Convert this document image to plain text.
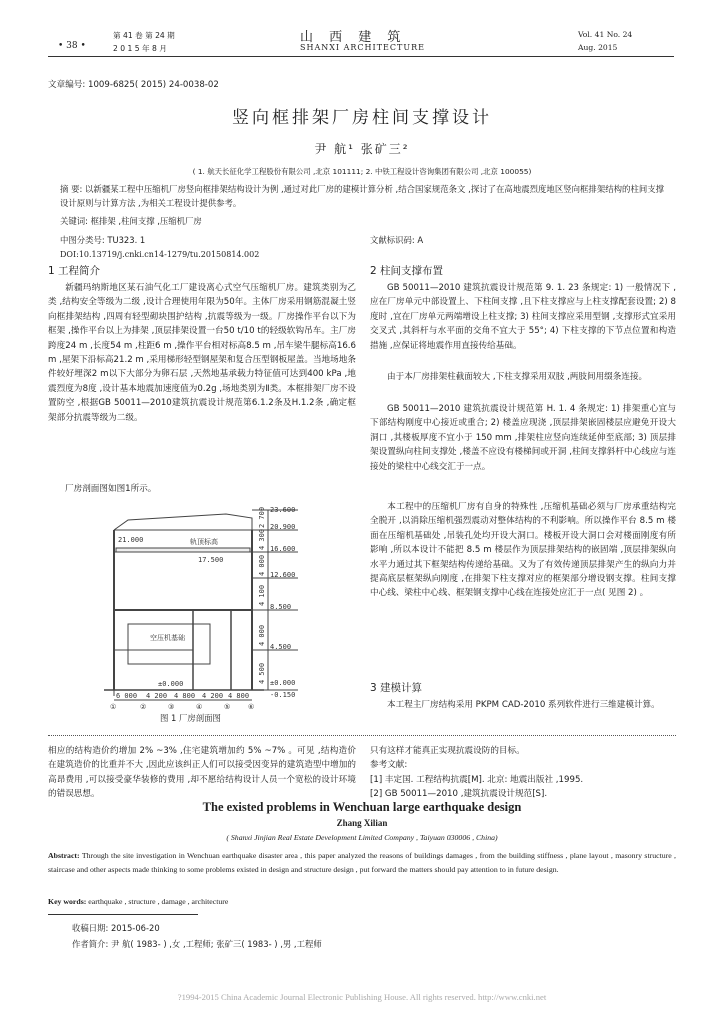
• 38 •
第 41 卷 第 24 期
2 0 1 5 年 8 月
山 西 建 筑
SHANXI ARCHITECTURE
Vol. 41 No. 24
Aug. 2015
文章编号: 1009-6825( 2015) 24-0038-02
竖向框排架厂房柱间支撑设计
尹 航¹ 张矿三²
( 1. 航天长征化学工程股份有限公司 ,北京 101111; 2. 中铁工程设计咨询集团有限公司 ,北京 100055)
摘 要: 以新疆某工程中压缩机厂房竖向框排架结构设计为例 ,通过对此厂房的建模计算分析 ,结合国家规范条文 ,探讨了在高地震烈度地区竖向框排架结构的柱间支撑设计原则与计算方法 ,为相关工程设计提供参考。
关键词: 框排架 ,柱间支撑 ,压缩机厂房
中图分类号: TU323. 1	文献标识码: A
DOI:10.13719/j.cnki.cn14-1279/tu.20150814.002
1 工程简介
新疆玛纳斯地区某石油气化工厂建设离心式空气压缩机厂房。建筑类别为乙类 ,结构安全等级为二级 ,设计合理使用年限为50年。主体厂房采用钢筋混凝土竖向框排架结构 ,四周有轻型砌块围护结构 ,抗震等级为一级。厂房操作平台以下为框架 ,操作平台以上为排架 ,顶层排架设置一台50 t/10 t的轻级软钩吊车。主厂房跨度24 m ,长度54 m ,柱距6 m ,操作平台相对标高8.5 m ,吊车梁牛腿标高16.6 m ,屋架下沿标高21.2 m ,采用梯形轻型钢屋架和复合压型钢板屋盖。当地场地条件较好埋深2 m以下大部分为卵石层 ,天然地基承载力特征值可达到400 kPa ,地震烈度为8度 ,设计基本地震加速度值为0.2g ,场地类别为Ⅱ类。本框排架厂房不设置防空 ,根据GB 50011—2010建筑抗震设计规范第6.1.2条及H.1.2条 ,确定框架部分抗震等级为二级。
厂房剖面图如图1所示。
23.600
20.900
16.600
12.600
8.500
4.500
±0.000
-0.150
2 700
4 300
4 000
4 100
4 000
4 500
21.000	轨顶标高
17.500
空压机基础
±0.000
6 000 4 200 4 800 4 200 4 800
①	②	③	④	⑤	⑥
图 1 厂房剖面图
2 柱间支撑布置
GB 50011—2010 建筑抗震设计规范第 9. 1. 23 条规定: 1) 一般情况下 ,应在厂房单元中部设置上、下柱间支撑 ,且下柱支撑应与上柱支撑配套设置; 2) 8 度时 ,宜在厂房单元两端增设上柱支撑; 3) 柱间支撑应采用型钢 ,支撑形式宜采用交叉式 ,其斜杆与水平面的交角不宜大于 55°; 4) 下柱支撑的下节点位置和构造措施 ,应保证将地震作用直接传给基础。
由于本厂房排架柱截面较大 ,下柱支撑采用双肢 ,两肢间用缀条连接。
GB 50011—2010 建筑抗震设计规范第 H. 1. 4 条规定: 1) 排架重心宜与下部结构刚度中心接近或重合; 2) 楼盖应现浇 ,顶层排架嵌固楼层应避免开设大洞口 ,其楼板厚度不宜小于 150 mm ,排架柱应竖向连续延伸至底部; 3) 顶层排架设置纵向柱间支撑处 ,楼盖不应设有楼梯间或开洞 ,柱间支撑斜杆中心线应与连接处的梁柱中心线交汇于一点。
本工程中的压缩机厂房有自身的特殊性 ,压缩机基础必须与厂房承重结构完全脱开 ,以消除压缩机强烈震动对整体结构的不利影响。所以操作平台 8.5 m 楼面在压缩机基础处 ,吊装孔处均开设大洞口。楼板开设大洞口会对楼面刚度有所影响 ,所以本设计不能把 8.5 m 楼层作为顶层排架结构的嵌固端 ,顶层排架纵向水平力通过其下框架结构传递给基础。又为了有效传递顶层排架产生的纵向力并提高底层框架纵向刚度 ,在排架下柱支撑对应的框架部分增设钢支撑。柱间支撑中心线、梁柱中心线、框架钢支撑中心线在连接处应汇于一点( 见图 2) 。
3 建模计算
本工程主厂房结构采用 PKPM CAD-2010 系列软件进行三维建模计算。
相应的结构造价约增加 2% ~3% ,住宅建筑增加约 5% ~7% 。可见 ,结构造价在建筑造价的比重并不大 ,因此应该纠正人们可以接受因变异的建筑造型中增加的高昂费用 ,可以接受豪华装修的费用 ,却不愿给结构设计人员一个宽松的设计环境的错误思想。
只有这样才能真正实现抗震设防的目标。
参考文献:
[1] 丰定国. 工程结构抗震[M]. 北京: 地震出版社 ,1995.
[2] GB 50011—2010 ,建筑抗震设计规范[S].
The existed problems in Wenchuan large earthquake design
Zhang Xilian
( Shanxi Jinjian Real Estate Development Limited Company , Taiyuan 030006 , China)
Abstract: Through the site investigation in Wenchuan earthquake disaster area , this paper analyzed the reasons of buildings damages , from the building stiffness , plane layout , masonry structure , staircase and other aspects made thinking to some problems existed in design and structure design , put forward the matters should pay attention to in future design.
Key words: earthquake , structure , damage , architecture
收稿日期: 2015-06-20
作者简介: 尹 航( 1983- ) ,女 ,工程师; 张矿三( 1983- ) ,男 ,工程师
?1994-2015 China Academic Journal Electronic Publishing House. All rights reserved. http://www.cnki.net
